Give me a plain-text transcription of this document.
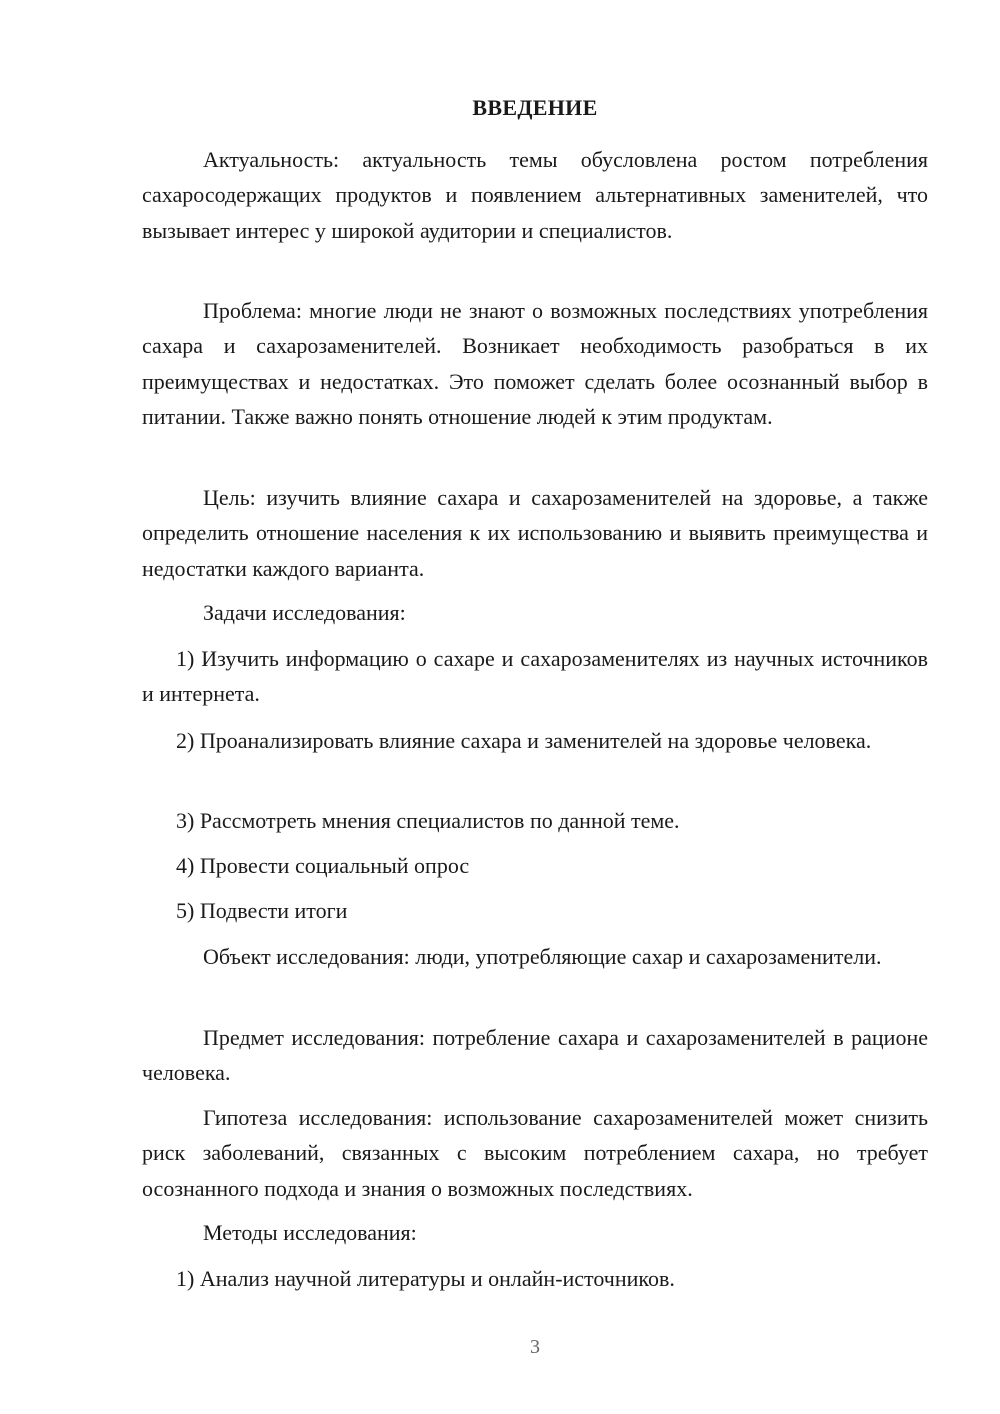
ВВЕДЕНИЕ

Актуальность: актуальность темы обусловлена ростом потребления сахаросодержащих продуктов и появлением альтернативных заменителей, что вызывает интерес у широкой аудитории и специалистов.

Проблема: многие люди не знают о возможных последствиях употребления сахара и сахарозаменителей. Возникает необходимость разобраться в их преимуществах и недостатках. Это поможет сделать более осознанный выбор в питании. Также важно понять отношение людей к этим продуктам.

Цель: изучить влияние сахара и сахарозаменителей на здоровье, а также определить отношение населения к их использованию и выявить преимущества и недостатки каждого варианта.

Задачи исследования:

1) Изучить информацию о сахаре и сахарозаменителях из научных источников и интернета.

2) Проанализировать влияние сахара и заменителей на здоровье человека.

3) Рассмотреть мнения специалистов по данной теме.

4) Провести социальный опрос

5) Подвести итоги

Объект исследования: люди, употребляющие сахар и сахарозаменители.

Предмет исследования: потребление сахара и сахарозаменителей в рационе человека.

Гипотеза исследования: использование сахарозаменителей может снизить риск заболеваний, связанных с высоким потреблением сахара, но требует осознанного подхода и знания о возможных последствиях.

Методы исследования:

1) Анализ научной литературы и онлайн-источников.

3
